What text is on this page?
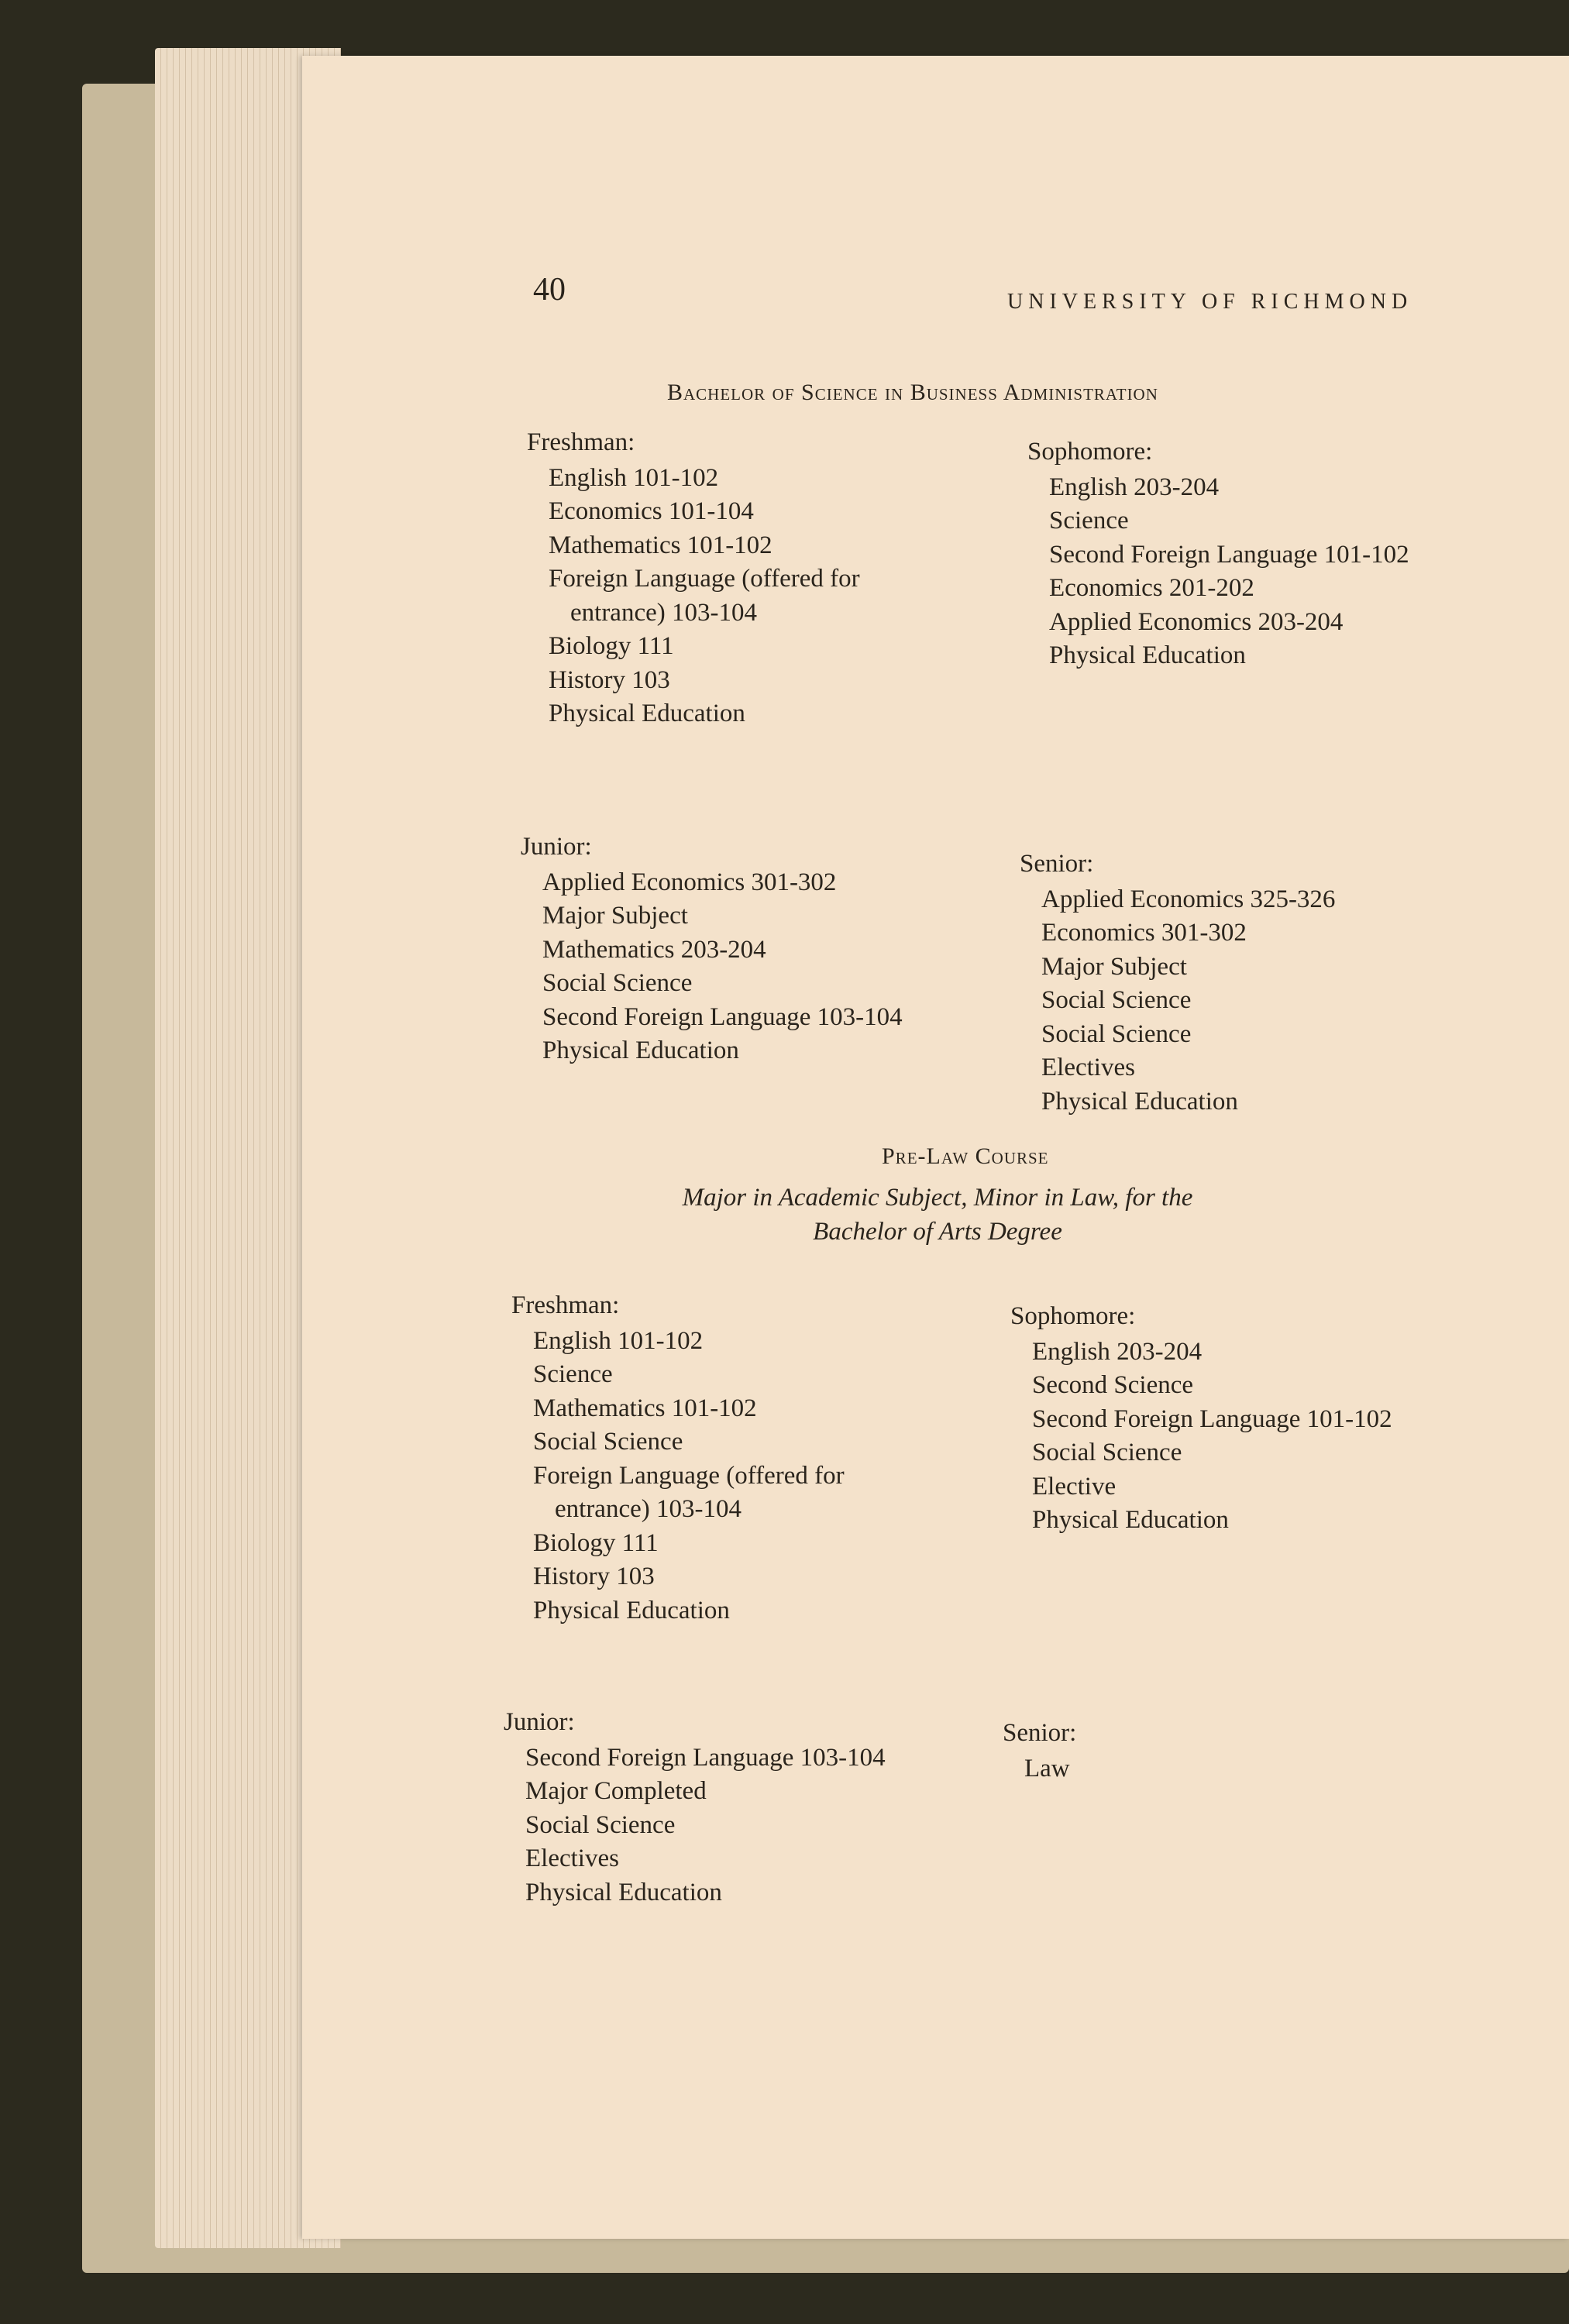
40	UNIVERSITY OF RICHMOND
Bachelor of Science in Business Administration
Freshman:
English 101-102
Economics 101-104
Mathematics 101-102
Foreign Language (offered for
entrance) 103-104
Biology 111
History 103
Physical Education
Sophomore:
English 203-204
Science
Second Foreign Language 101-102
Economics 201-202
Applied Economics 203-204
Physical Education
Junior:
Applied Economics 301-302
Major Subject
Mathematics 203-204
Social Science
Second Foreign Language 103-104
Physical Education
Senior:
Applied Economics 325-326
Economics 301-302
Major Subject
Social Science
Social Science
Electives
Physical Education
Pre-Law Course
Major in Academic Subject, Minor in Law, for the
Bachelor of Arts Degree
Freshman:
English 101-102
Science
Mathematics 101-102
Social Science
Foreign Language (offered for
entrance) 103-104
Biology 111
History 103
Physical Education
Sophomore:
English 203-204
Second Science
Second Foreign Language 101-102
Social Science
Elective
Physical Education
Junior:
Second Foreign Language 103-104
Major Completed
Social Science
Electives
Physical Education
Senior:
Law
